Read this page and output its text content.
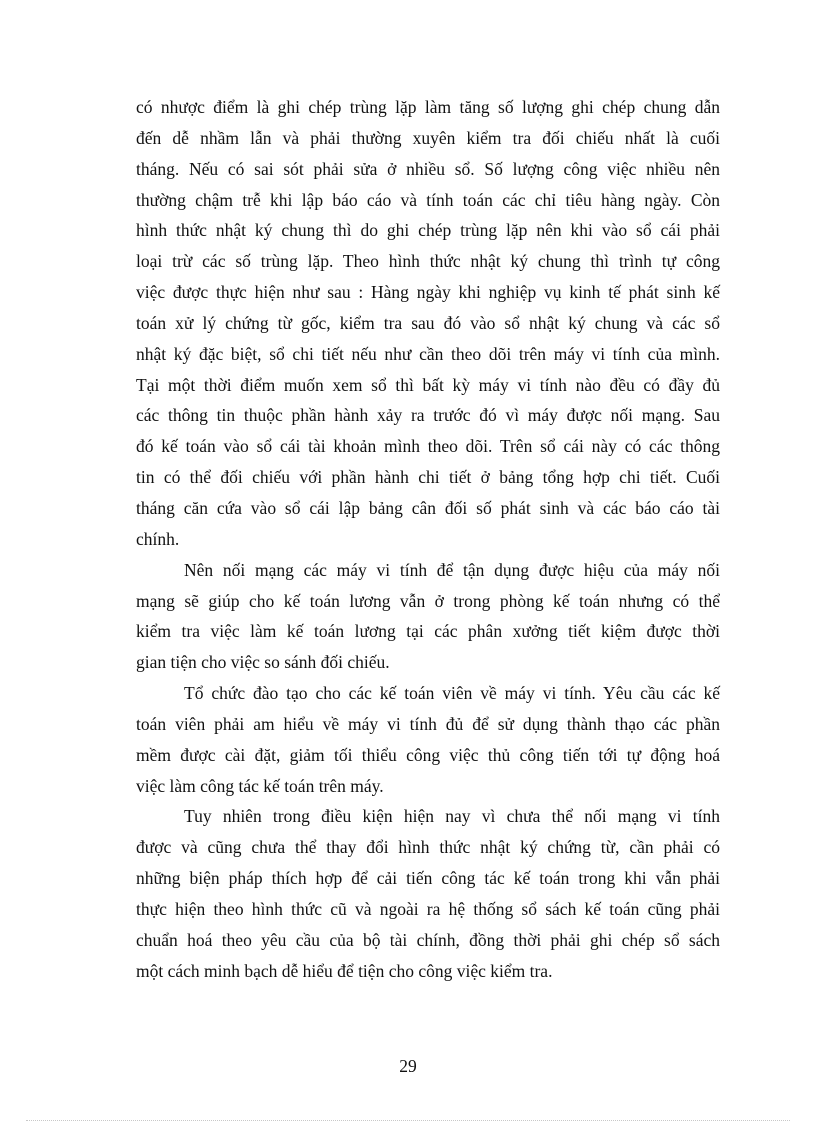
có nhược điểm là ghi chép trùng lặp làm tăng số lượng ghi chép chung dẫn
đến dễ nhầm lẫn và phải thường xuyên kiểm tra đối chiếu nhất là cuối
tháng. Nếu có sai sót phải sửa ở nhiều sổ. Số lượng công việc nhiều nên
thường chậm trễ khi lập báo cáo và tính toán các chỉ tiêu hàng ngày. Còn
hình thức nhật ký chung thì do ghi chép trùng lặp nên khi vào sổ cái phải
loại trừ các số trùng lặp. Theo hình thức nhật ký chung thì trình tự công
việc được thực hiện như sau : Hàng ngày khi nghiệp vụ kinh tế phát sinh kế
toán xử lý chứng từ gốc, kiểm tra sau đó vào sổ nhật ký chung và các sổ
nhật ký đặc biệt, sổ chi tiết nếu như cần theo dõi trên máy vi tính của mình.
Tại một thời điểm muốn xem sổ thì bất kỳ máy vi tính nào đều có đầy đủ
các thông tin thuộc phần hành xảy ra trước đó vì máy được nối mạng. Sau
đó kế toán vào sổ cái tài khoản mình theo dõi. Trên sổ cái này có các thông
tin có thể đối chiếu với phần hành chi tiết ở bảng tổng hợp chi tiết. Cuối
tháng căn cứa vào sổ cái lập bảng cân đối số phát sinh và các báo cáo tài
chính.

Nên nối mạng các máy vi tính để tận dụng được hiệu của máy nối
mạng sẽ giúp cho kế toán lương vẫn ở trong phòng kế toán nhưng có thể
kiểm tra việc làm kế toán lương tại các phân xưởng tiết kiệm được thời
gian tiện cho việc so sánh đối chiếu.

Tổ chức đào tạo cho các kế toán viên về máy vi tính. Yêu cầu các kế
toán viên phải am hiểu về máy vi tính đủ để sử dụng thành thạo các phần
mềm được cài đặt, giảm tối thiểu công việc thủ công tiến tới tự động hoá
việc làm công tác kế toán trên máy.

Tuy nhiên trong điều kiện hiện nay vì chưa thể nối mạng vi tính
được và cũng chưa thể thay đổi hình thức nhật ký chứng từ, cần phải có
những biện pháp thích hợp để cải tiến công tác kế toán trong khi vẫn phải
thực hiện theo hình thức cũ và ngoài ra hệ thống sổ sách kế toán cũng phải
chuẩn hoá theo yêu cầu của bộ tài chính, đồng thời phải ghi chép sổ sách
một cách minh bạch dễ hiểu để tiện cho công việc kiểm tra.

29
